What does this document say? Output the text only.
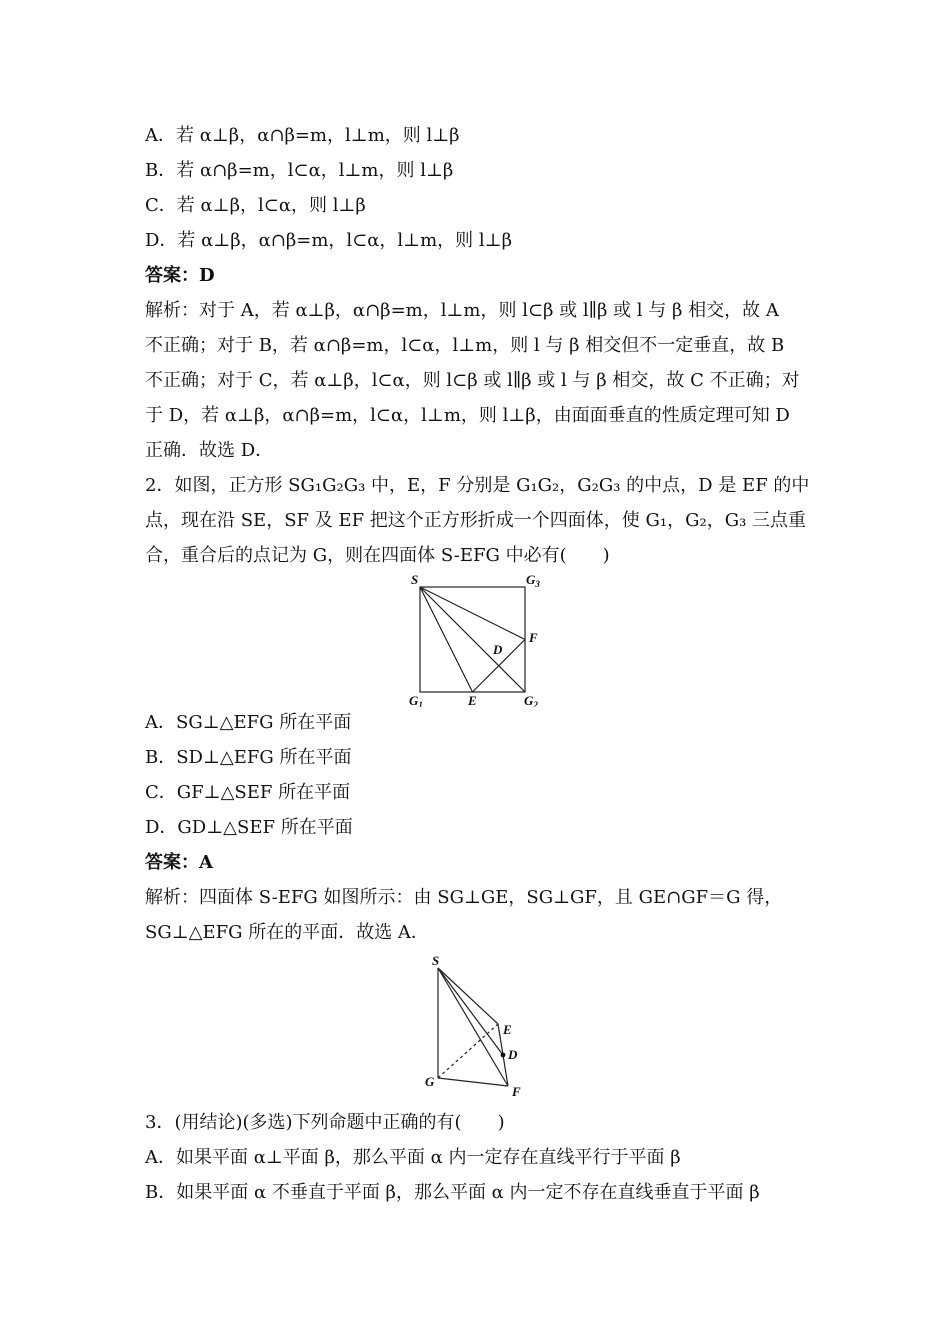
A．若 α⊥β，α∩β=m，l⊥m，则 l⊥β
B．若 α∩β=m，l⊂α，l⊥m，则 l⊥β
C．若 α⊥β，l⊂α，则 l⊥β
D．若 α⊥β，α∩β=m，l⊂α，l⊥m，则 l⊥β
答案：D
解析：对于 A，若 α⊥β，α∩β=m，l⊥m，则 l⊂β 或 l∥β 或 l 与 β 相交，故 A
不正确；对于 B，若 α∩β=m，l⊂α，l⊥m，则 l 与 β 相交但不一定垂直，故 B
不正确；对于 C，若 α⊥β，l⊂α，则 l⊂β 或 l∥β 或 l 与 β 相交，故 C 不正确；对
于 D，若 α⊥β，α∩β=m，l⊂α，l⊥m，则 l⊥β，由面面垂直的性质定理可知 D
正确．故选 D．
2．如图，正方形 SG₁G₂G₃ 中，E，F 分别是 G₁G₂，G₂G₃ 的中点，D 是 EF 的中
点，现在沿 SE，SF 及 EF 把这个正方形折成一个四面体，使 G₁，G₂，G₃ 三点重
合，重合后的点记为 G，则在四面体 S-EFG 中必有(　　)
S	$G_3$
F
D
$G_1$	E	$G_2$
A．SG⊥△EFG 所在平面
B．SD⊥△EFG 所在平面
C．GF⊥△SEF 所在平面
D．GD⊥△SEF 所在平面
答案：A
解析：四面体 S-EFG 如图所示：由 SG⊥GE，SG⊥GF，且 GE∩GF＝G 得，
SG⊥△EFG 所在的平面．故选 A．
S
E
D
G
F
3．(用结论)(多选)下列命题中正确的有(　　)
A．如果平面 α⊥平面 β，那么平面 α 内一定存在直线平行于平面 β
B．如果平面 α 不垂直于平面 β，那么平面 α 内一定不存在直线垂直于平面 β
